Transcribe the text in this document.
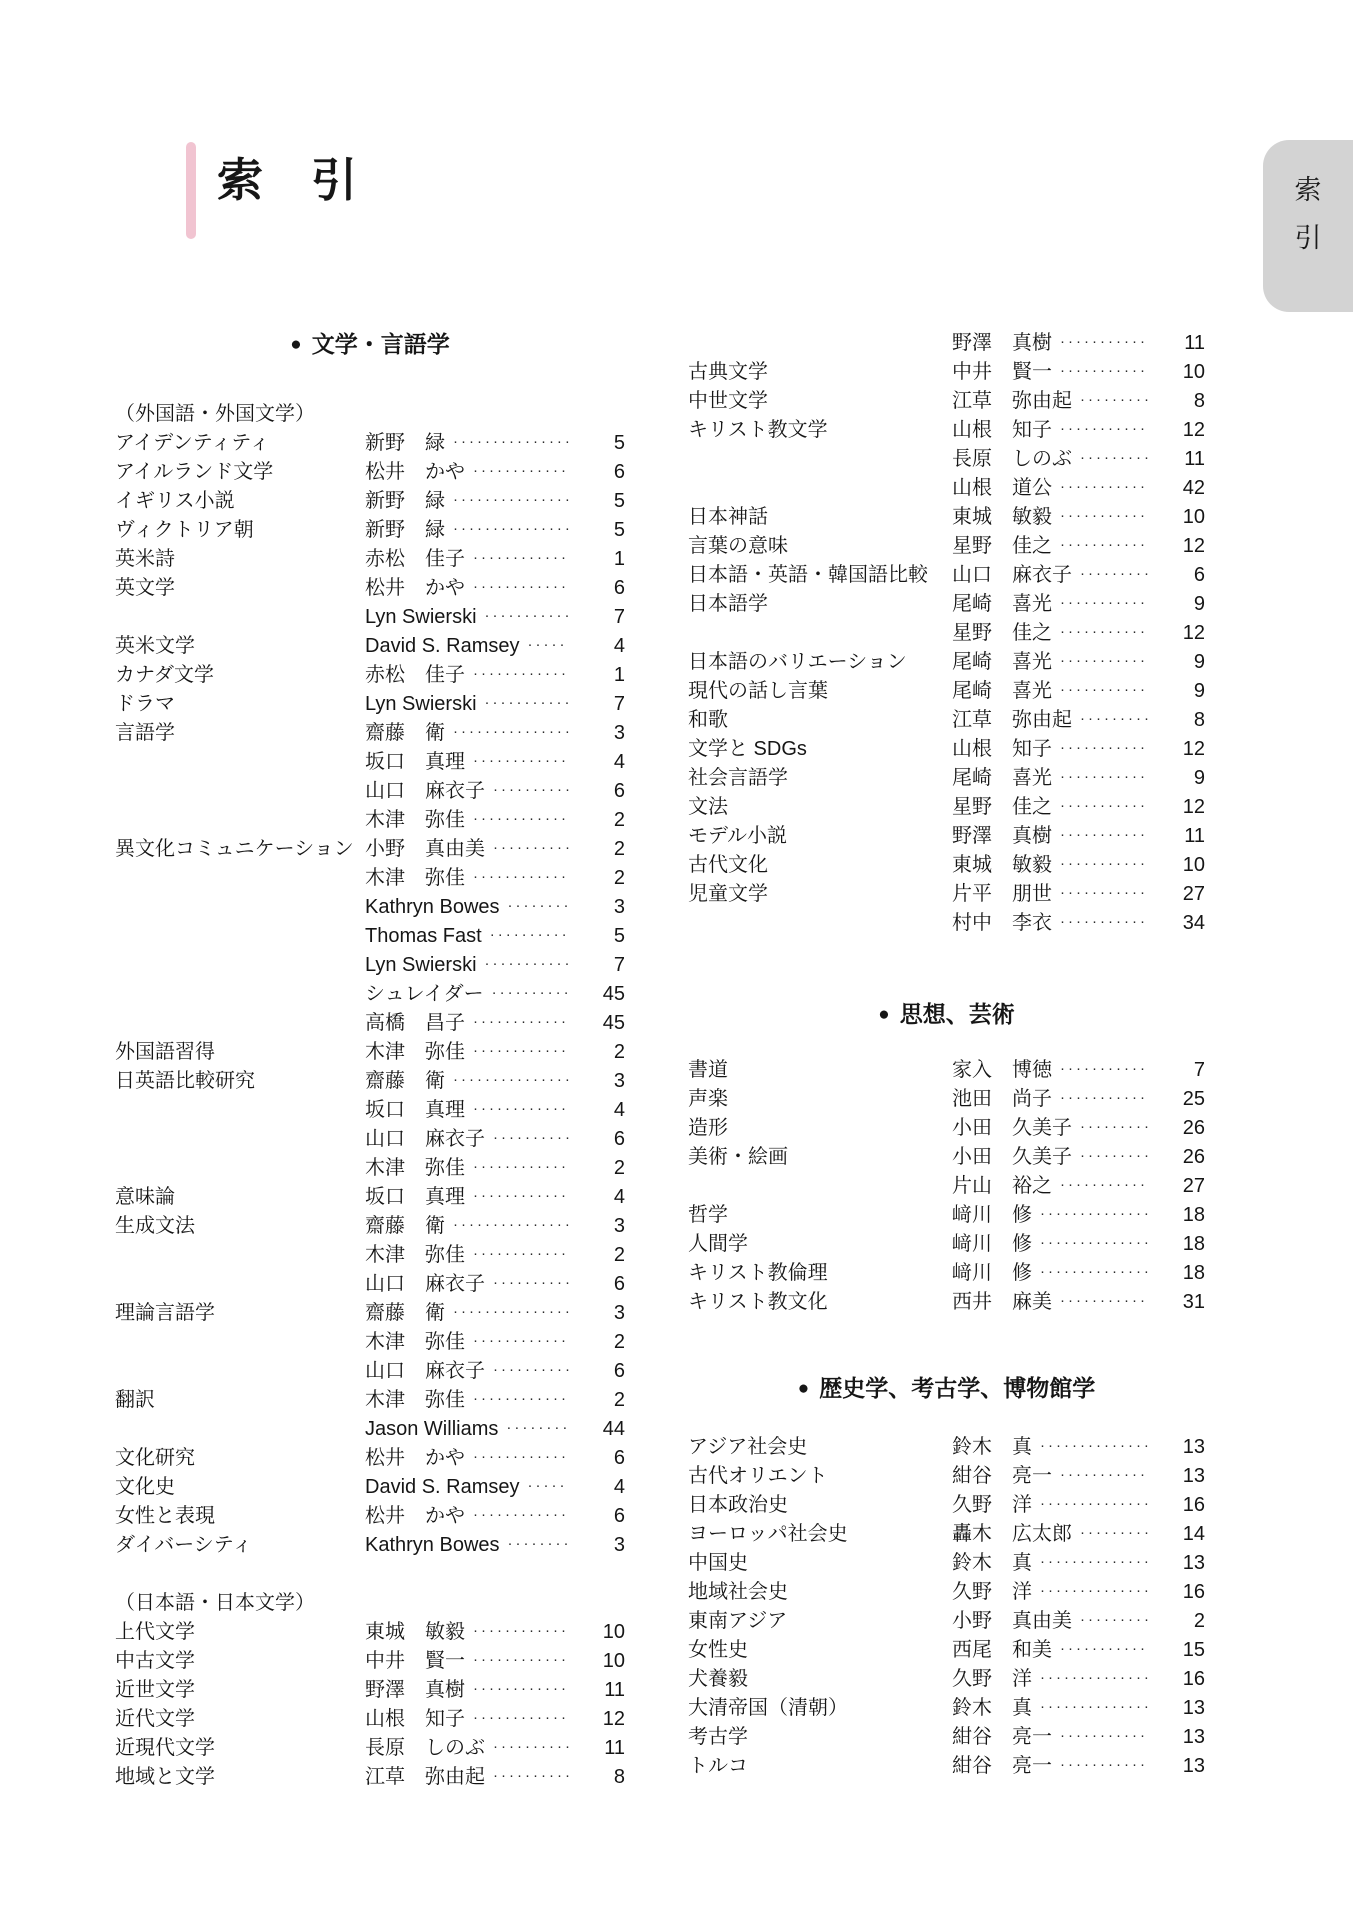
索　引	索
引
● 文学・言語学
（外国語・外国文学）
アイデンティティ	新野　緑 ·····	5
アイルランド文学	松井　かや ·····	6
イギリス小説	新野　緑 ·····	5
ヴィクトリア朝	新野　緑 ·····	5
英米詩	赤松　佳子 ·····	1
英文学	松井　かや ·····	6
Lyn Swierski ·····	7
英米文学	David S. Ramsey ·····	4
カナダ文学	赤松　佳子 ·····	1
ドラマ	Lyn Swierski ·····	7
言語学	齋藤　衛 ·····	3
坂口　真理 ·····	4
山口　麻衣子 ·····	6
木津　弥佳 ·····	2
異文化コミュニケーション 小野　真由美 ·····	2
木津　弥佳 ·····	2
Kathryn Bowes ·····	3
Thomas Fast ·····	5
Lyn Swierski ·····	7
シュレイダー ·····	45
高橋　昌子 ·····	45
外国語習得	木津　弥佳 ·····	2
日英語比較研究	齋藤　衛 ·····	3
坂口　真理 ·····	4
山口　麻衣子 ·····	6
木津　弥佳 ·····	2
意味論	坂口　真理 ·····	4
生成文法	齋藤　衛 ·····	3
木津　弥佳 ·····	2
山口　麻衣子 ·····	6
理論言語学	齋藤　衛 ·····	3
木津　弥佳 ·····	2
山口　麻衣子 ·····	6
翻訳	木津　弥佳 ·····	2
Jason Williams ·····	44
文化研究	松井　かや ·····	6
文化史	David S. Ramsey ·····	4
女性と表現	松井　かや ·····	6
ダイバーシティ	Kathryn Bowes ·····	3
（日本語・日本文学）
上代文学	東城　敏毅 ·····	10
中古文学	中井　賢一 ·····	10
近世文学	野澤　真樹 ·····	11
近代文学	山根　知子 ·····	12
近現代文学	長原　しのぶ ·····	11
地域と文学	江草　弥由起 ·····	8
野澤　真樹 ·····	11
古典文学	中井　賢一 ·····	10
中世文学	江草　弥由起 ·····	8
キリスト教文学	山根　知子 ·····	12
長原　しのぶ ·····	11
山根　道公 ·····	42
日本神話	東城　敏毅 ·····	10
言葉の意味	星野　佳之 ·····	12
日本語・英語・韓国語比較	山口　麻衣子 ·····	6
日本語学	尾崎　喜光 ·····	9
星野　佳之 ·····	12
日本語のバリエーション	尾崎　喜光 ·····	9
現代の話し言葉	尾崎　喜光 ·····	9
和歌	江草　弥由起 ·····	8
文学と SDGs	山根　知子 ·····	12
社会言語学	尾崎　喜光 ·····	9
文法	星野　佳之 ·····	12
モデル小説	野澤　真樹 ·····	11
古代文化	東城　敏毅 ·····	10
児童文学	片平　朋世 ·····	27
村中　李衣 ·····	34
● 思想、芸術
書道	家入　博徳 ·····	7
声楽	池田　尚子 ·····	25
造形	小田　久美子 ·····	26
美術・絵画	小田　久美子 ·····	26
片山　裕之 ·····	27
哲学	﨑川　修 ·····	18
人間学	﨑川　修 ·····	18
キリスト教倫理	﨑川　修 ·····	18
キリスト教文化	西井　麻美 ·····	31
● 歴史学、考古学、博物館学
アジア社会史	鈴木　真 ·····	13
古代オリエント	紺谷　亮一 ·····	13
日本政治史	久野　洋 ·····	16
ヨーロッパ社会史	轟木　広太郎 ·····	14
中国史	鈴木　真 ·····	13
地域社会史	久野　洋 ·····	16
東南アジア	小野　真由美 ·····	2
女性史	西尾　和美 ·····	15
犬養毅	久野　洋 ·····	16
大清帝国（清朝）	鈴木　真 ·····	13
考古学	紺谷　亮一 ·····	13
トルコ	紺谷　亮一 ·····	13
